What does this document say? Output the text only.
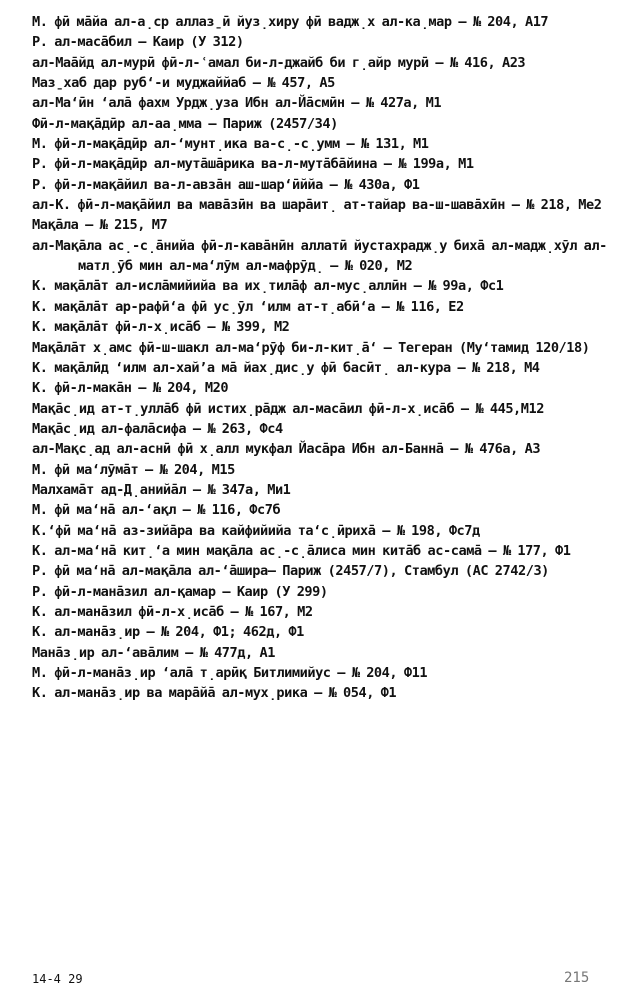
М. фӣ ма̄йа ал-а̣ср аллаз̱ӣ йуз̣хиру фӣ вадж̣х ал-ка̣мар – № 204, А17
Р. ал-маса̄бил – Каир (У 312)
ал-Маа̄йд ал-мурӣ фӣ-л-ʿамал би-л-джайб би г̣айр мурӣ – № 416, А23
Маз̱хаб дар руб‘-и муджаййаб – № 457, А5
ал-Ма‘ӣн ‘ала̄ фахм Урдж̣уза Ибн ал-Йа̄смӣн – № 427а, М1
Фӣ-л-мақа̄дӣр ал-аа̣мма – Париж (2457/34)
М. фӣ-л-мақа̄дӣр ал-‘мунт̣ика ва-с̣-с̣умм – № 131, М1
Р. фӣ-л-мақа̄дӣр ал-мута̄ша̄рика ва-л-мута̄ба̄йина – № 199а, М1
Р. фӣ-л-мақа̄йил ва-л-авза̄н аш-шар‘ӣййа – № 430а, Ф1
ал-К. фӣ-л-мақа̄йил ва мава̄зӣн ва шара̄ит̣ ат-тайар ва-ш-шава̄хӣн – № 218, Ме2
Мақа̄ла – № 215, М7
ал-Мақа̄ла ас̣-с̣а̄нийа фӣ-л-кава̄нӣн аллатӣ йустахрадж̣у биха̄ ал-мадж̣хӯл ал-матл̣ӯб мин ал-ма‘лӯм ал-мафрӯд̣ – № 020, М2
К. мақа̄ла̄т ал-исла̄мийийа ва их̣тила̄ф ал-мус̣аллӣн – № 99а, Фс1
К. мақа̄ла̄т ар-рафӣ‘а фӣ ус̣ӯл ‘илм ат-т̣абӣ‘а – № 116, Е2
К. мақа̄ла̄т фӣ-л-х̣иса̄б – № 399, М2
Мақа̄ла̄т х̣амс фӣ-ш-шакл ал-ма‘рӯф би-л-кит̣а̄‘ – Тегеран (Му‘тамид 120/18)
К. мақа̄лӣд ‘илм ал-хай’а ма̄ йах̣дис̣у фӣ басӣт̣ ал-кура – № 218, М4
К. фӣ-л-мака̄н – № 204, М20
Мақа̄с̣ид ат-т̣улла̄б фӣ истих̣ра̄дж ал-маса̄ил фӣ-л-х̣иса̄б – № 445,М12
Мақа̄с̣ид ал-фала̄сифа – № 263, Фс4
ал-Мақс̣ад ал-аснӣ фӣ х̣алл мукфал Йаса̄ра Ибн ал-Банна̄ – № 476а, А3
М. фӣ ма‘лӯма̄т – № 204, М15
Малхама̄т ад-Д̣анийа̄л – № 347а, Ми1
М. фӣ ма‘на̄ ал-‘ақл – № 116, Фс7б
К.‘фӣ ма‘на̄ аз-зийа̄ра ва кайфийийа та‘с̣ӣриха̄ – № 198, Фс7д
К. ал-ма‘на̄ кит̣‘а мин мақа̄ла ас̣-с̣а̄лиса мин кита̄б ас-сама̄ – № 177, Ф1
Р. фӣ ма‘на̄ ал-мақа̄ла ал-‘а̄шира– Париж (2457/7), Стамбул (АС 2742/3)
Р. фӣ-л-мана̄зил ал-қамар – Каир (У 299)
К. ал-мана̄зил фӣ-л-х̣иса̄б – № 167, М2
К. ал-мана̄з̣ир – № 204, Ф1; 462д, Ф1
Мана̄з̣ир ал-‘ава̄лим – № 477д, А1
М. фӣ-л-мана̄з̣ир ‘ала̄ т̣арӣқ Битлимийус – № 204, Ф11
К. ал-мана̄з̣ир ва мара̄йа̄ ал-мух̣рика – № 054, Ф1
14-4 29	215
